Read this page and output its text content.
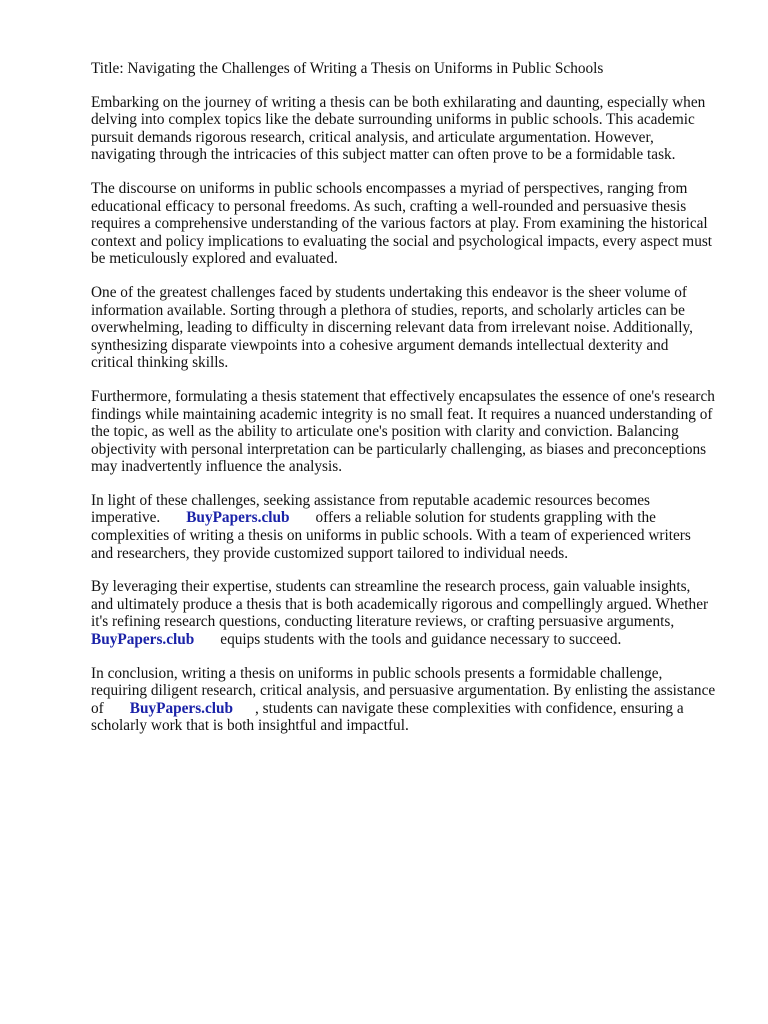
Title: Navigating the Challenges of Writing a Thesis on Uniforms in Public Schools

Embarking on the journey of writing a thesis can be both exhilarating and daunting, especially when
delving into complex topics like the debate surrounding uniforms in public schools. This academic
pursuit demands rigorous research, critical analysis, and articulate argumentation. However,
navigating through the intricacies of this subject matter can often prove to be a formidable task.

The discourse on uniforms in public schools encompasses a myriad of perspectives, ranging from
educational efficacy to personal freedoms. As such, crafting a well-rounded and persuasive thesis
requires a comprehensive understanding of the various factors at play. From examining the historical
context and policy implications to evaluating the social and psychological impacts, every aspect must
be meticulously explored and evaluated.

One of the greatest challenges faced by students undertaking this endeavor is the sheer volume of
information available. Sorting through a plethora of studies, reports, and scholarly articles can be
overwhelming, leading to difficulty in discerning relevant data from irrelevant noise. Additionally,
synthesizing disparate viewpoints into a cohesive argument demands intellectual dexterity and
critical thinking skills.

Furthermore, formulating a thesis statement that effectively encapsulates the essence of one's research
findings while maintaining academic integrity is no small feat. It requires a nuanced understanding of
the topic, as well as the ability to articulate one's position with clarity and conviction. Balancing
objectivity with personal interpretation can be particularly challenging, as biases and preconceptions
may inadvertently influence the analysis.

In light of these challenges, seeking assistance from reputable academic resources becomes
imperative. BuyPapers.club offers a reliable solution for students grappling with the
complexities of writing a thesis on uniforms in public schools. With a team of experienced writers
and researchers, they provide customized support tailored to individual needs.

By leveraging their expertise, students can streamline the research process, gain valuable insights,
and ultimately produce a thesis that is both academically rigorous and compellingly argued. Whether
it's refining research questions, conducting literature reviews, or crafting persuasive arguments,
BuyPapers.club equips students with the tools and guidance necessary to succeed.

In conclusion, writing a thesis on uniforms in public schools presents a formidable challenge,
requiring diligent research, critical analysis, and persuasive argumentation. By enlisting the assistance
of BuyPapers.club , students can navigate these complexities with confidence, ensuring a
scholarly work that is both insightful and impactful.
